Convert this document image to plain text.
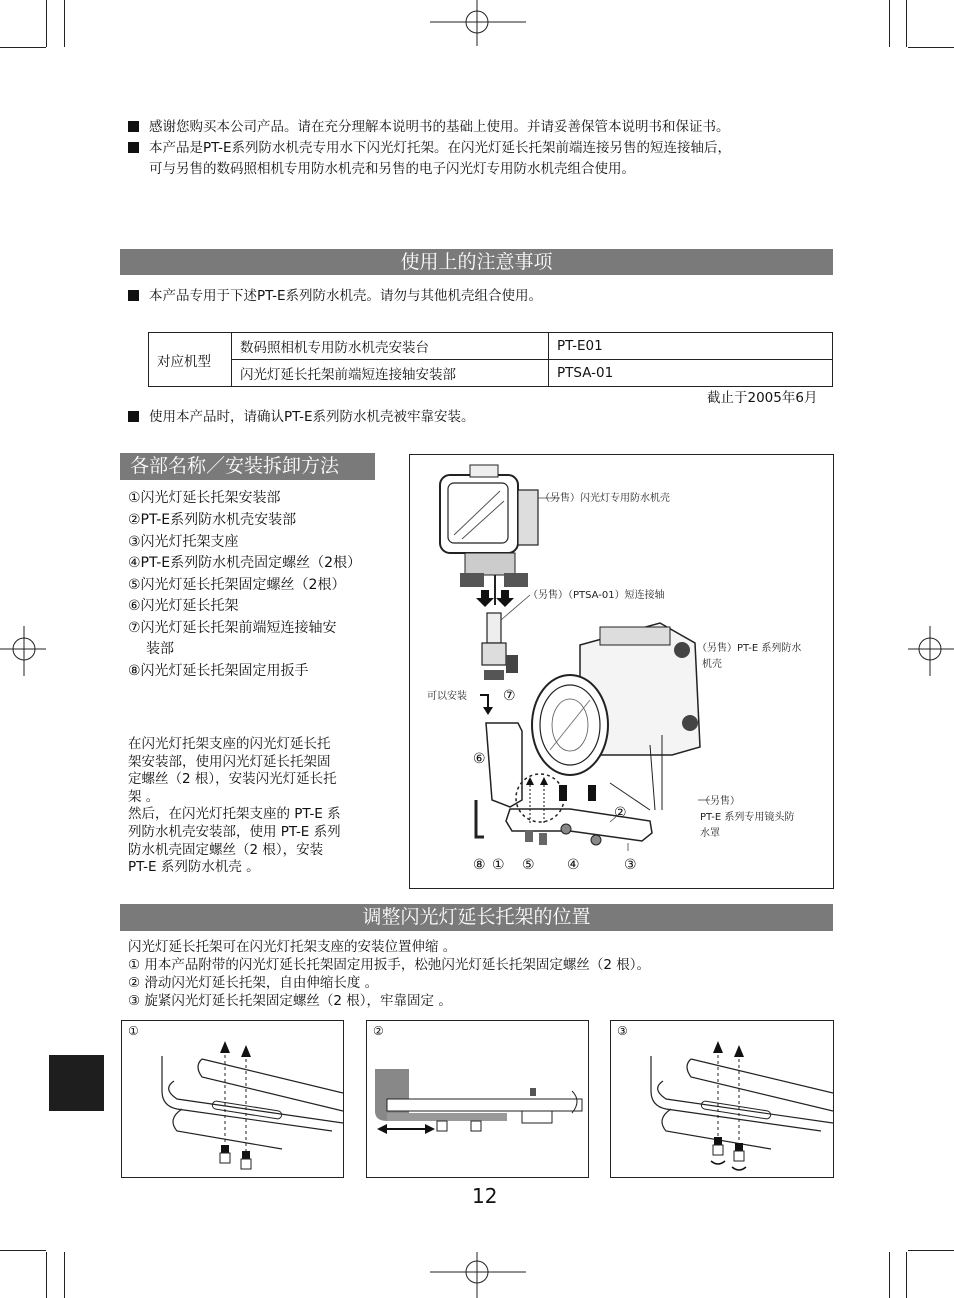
感谢您购买本公司产品。请在充分理解本说明书的基础上使用。并请妥善保管本说明书和保证书。
本产品是PT-E系列防水机壳专用水下闪光灯托架。在闪光灯延长托架前端连接另售的短连接轴后，
可与另售的数码照相机专用防水机壳和另售的电子闪光灯专用防水机壳组合使用。
使用上的注意事项
本产品专用于下述PT-E系列防水机壳。请勿与其他机壳组合使用。
对应机型	数码照相机专用防水机壳安装台	PT-E01
	闪光灯延长托架前端短连接轴安装部	PTSA-01
截止于2005年6月
使用本产品时，请确认PT-E系列防水机壳被牢靠安装。
各部名称／安装拆卸方法
①闪光灯延长托架安装部
②PT-E系列防水机壳安装部
③闪光灯托架支座
④PT-E系列防水机壳固定螺丝（2根）
⑤闪光灯延长托架固定螺丝（2根）
⑥闪光灯延长托架
⑦闪光灯延长托架前端短连接轴安
装部
⑧闪光灯延长托架固定用扳手
在闪光灯托架支座的闪光灯延长托
架安装部，使用闪光灯延长托架固
定螺丝（2 根），安装闪光灯延长托
架 。
然后，在闪光灯托架支座的 PT-E 系
列防水机壳安装部，使用 PT-E 系列
防水机壳固定螺丝（2 根），安装
PT-E 系列防水机壳 。
（另售）闪光灯专用防水机壳
（另售）（PTSA-01）短连接轴
（另售）PT-E 系列防水
机壳
可以安装
（另售）
PT-E 系列专用镜头防
水罩
⑦
⑥
②
⑧ ① ⑤ ④	③
调整闪光灯延长托架的位置
闪光灯延长托架可在闪光灯托架支座的安装位置伸缩 。
① 用本产品附带的闪光灯延长托架固定用扳手，松弛闪光灯延长托架固定螺丝（2 根）。
② 滑动闪光灯延长托架，自由伸缩长度 。
③ 旋紧闪光灯延长托架固定螺丝（2 根），牢靠固定 。
①	②	③
12
